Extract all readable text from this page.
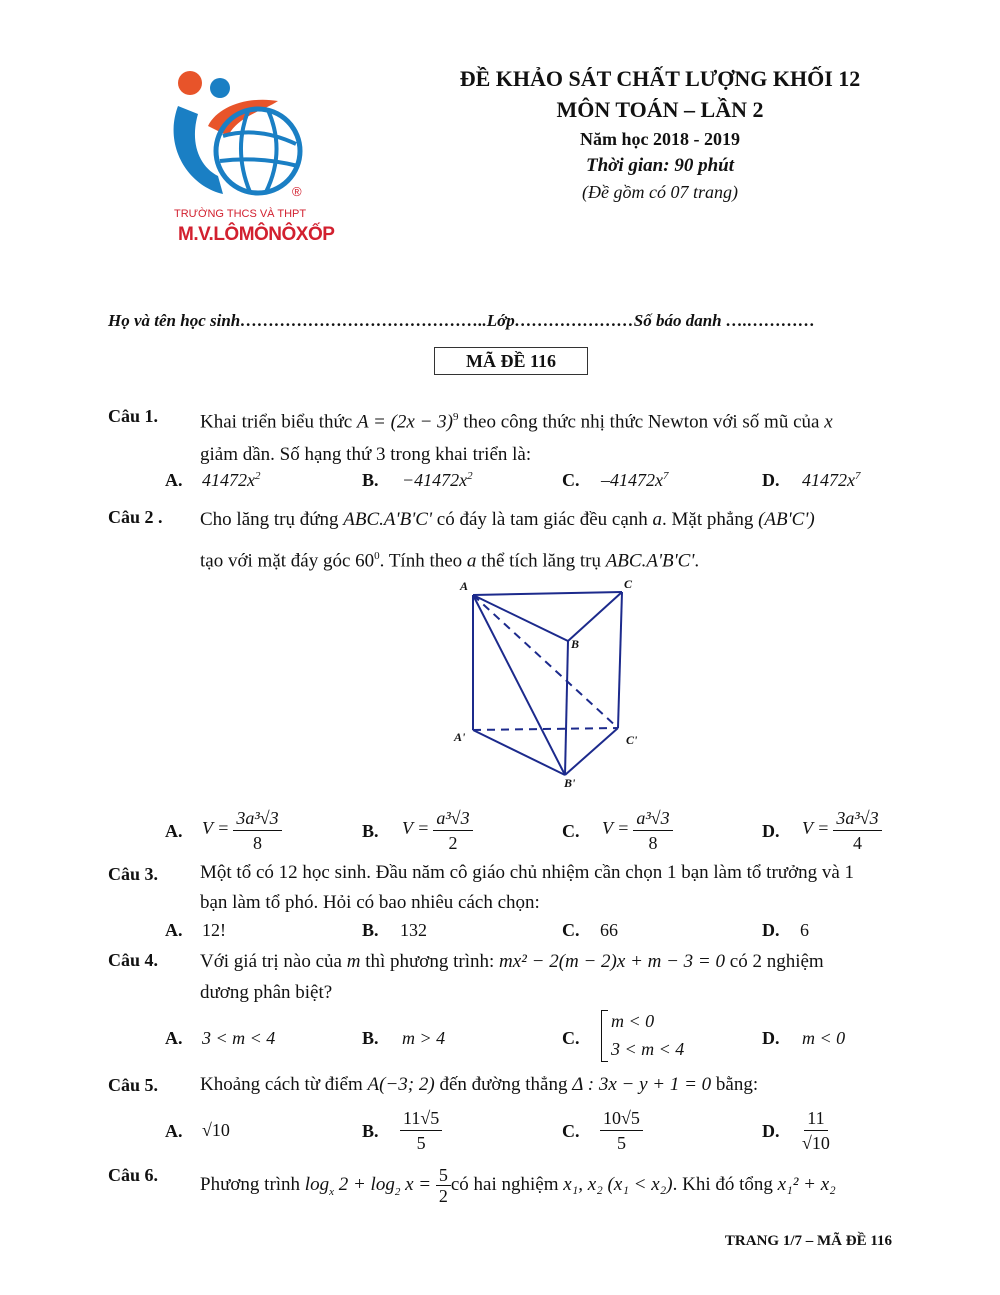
®
TRƯỜNG THCS VÀ THPT
M.V.LÔMÔNÔXỐP
ĐỀ KHẢO SÁT CHẤT LƯỢNG KHỐI 12
MÔN TOÁN – LẦN 2
Năm học 2018 - 2019
Thời gian: 90 phút
(Đề gồm có 07 trang)
Họ và tên học sinh……………………………………..Lớp…………………Số báo danh ….…………
MÃ ĐỀ 116
Câu 1. Khai triển biểu thức $A = (2x - 3)^9$ theo công thức nhị thức Newton với số mũ của x
giảm dần. Số hạng thứ 3 trong khai triển là:
A. $41472x^2$	B. $-41472x^2$	C. $-41472x^7$	D. $41472x^7$
Câu 2 . Cho lăng trụ đứng ABC.A'B'C' có đáy là tam giác đều cạnh a. Mặt phẳng (AB'C')
tạo với mặt đáy góc $60^0$. Tính theo a thể tích lăng trụ ABC.A'B'C'.
A	C
B
A'	C'
B'
A. $V = \frac{\text{3a³√3}}{8}$	B. $V = \frac{\text{a³√3}}{2}$	C. $V = \frac{\text{a³√3}}{8}$	D. $V = \frac{\text{3a³√3}}{4}$
Câu 3. Một tổ có 12 học sinh. Đầu năm cô giáo chủ nhiệm cần chọn 1 bạn làm tổ trưởng và 1
bạn làm tổ phó. Hỏi có bao nhiêu cách chọn:
A. 12!	B. 132	C. 66	D. 6
Câu 4. Với giá trị nào của m thì phương trình: mx² − 2(m − 2)x + m − 3 = 0 có 2 nghiệm
dương phân biệt?
A. 3 < m < 4	B. m > 4	C.
m < 0
3 < m < 4
D. m < 0
Câu 5. Khoảng cách từ điểm A(−3; 2) đến đường thẳng Δ : 3x − y + 1 = 0 bằng:
A. √10	B. $\frac{11√5}{5}$	C. $\frac{10√5}{5}$	D. $\frac{11}{√10}$
Câu 6. Phương trình $\log_x 2 + \log_2 x = \frac{5}{2}$ có hai nghiệm x₁, x₂ (x₁ < x₂). Khi đó tổng x₁² + x₂
TRANG 1/7 – MÃ ĐỀ 116
